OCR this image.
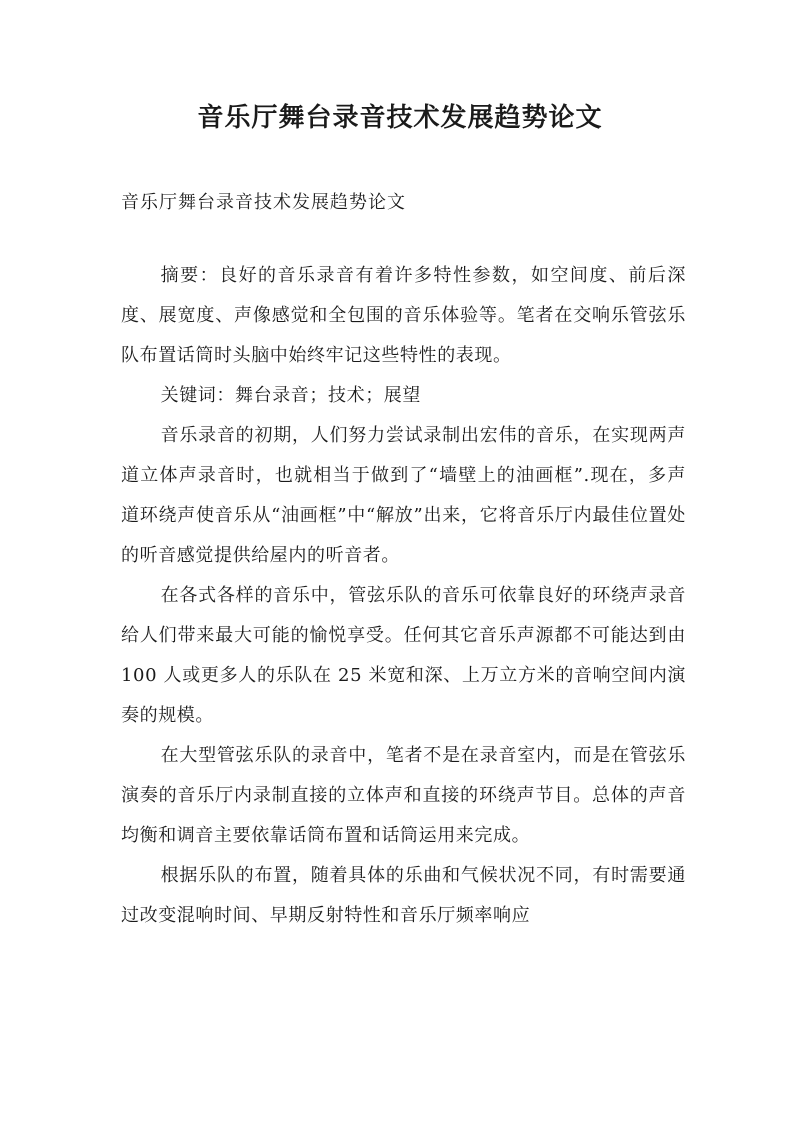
音乐厅舞台录音技术发展趋势论文

音乐厅舞台录音技术发展趋势论文

摘要：良好的音乐录音有着许多特性参数，如空间度、前后深度、展宽度、声像感觉和全包围的音乐体验等。笔者在交响乐管弦乐队布置话筒时头脑中始终牢记这些特性的表现。

关键词：舞台录音；技术；展望

音乐录音的初期，人们努力尝试录制出宏伟的音乐，在实现两声道立体声录音时，也就相当于做到了“墙壁上的油画框”.现在，多声道环绕声使音乐从“油画框”中“解放”出来，它将音乐厅内最佳位置处的听音感觉提供给屋内的听音者。

在各式各样的音乐中，管弦乐队的音乐可依靠良好的环绕声录音给人们带来最大可能的愉悦享受。任何其它音乐声源都不可能达到由 100 人或更多人的乐队在 25 米宽和深、上万立方米的音响空间内演奏的规模。

在大型管弦乐队的录音中，笔者不是在录音室内，而是在管弦乐演奏的音乐厅内录制直接的立体声和直接的环绕声节目。总体的声音均衡和调音主要依靠话筒布置和话筒运用来完成。

根据乐队的布置，随着具体的乐曲和气候状况不同，有时需要通过改变混响时间、早期反射特性和音乐厅频率响应
